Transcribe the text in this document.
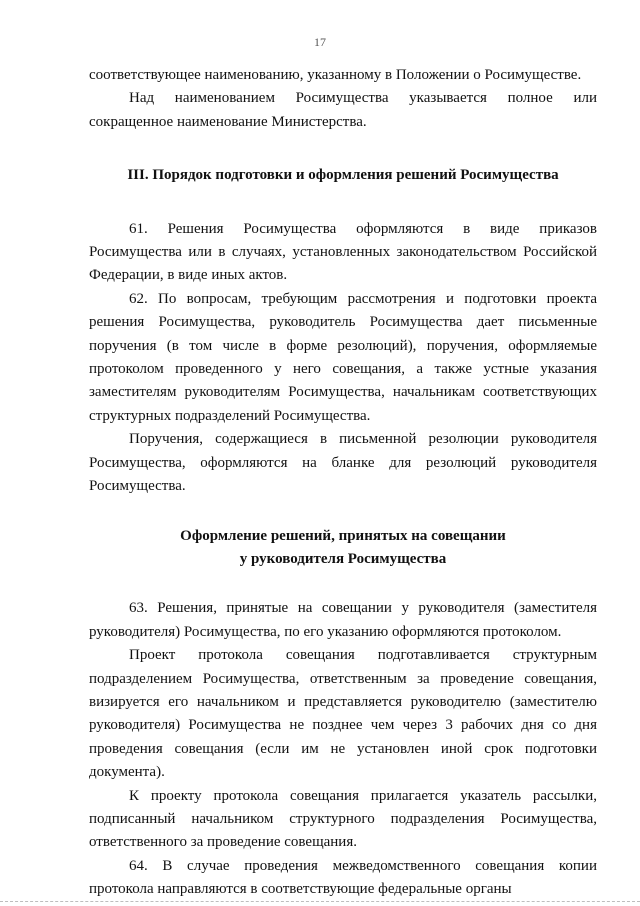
17

соответствующее наименованию, указанному в Положении о Росимуществе.

Над наименованием Росимущества указывается полное или сокращенное наименование Министерства.

III. Порядок подготовки и оформления решений Росимущества

61. Решения Росимущества оформляются в виде приказов Росимущества или в случаях, установленных законодательством Российской Федерации, в виде иных актов.

62. По вопросам, требующим рассмотрения и подготовки проекта решения Росимущества, руководитель Росимущества дает письменные поручения (в том числе в форме резолюций), поручения, оформляемые протоколом проведенного у него совещания, а также устные указания заместителям руководителям Росимущества, начальникам соответствующих структурных подразделений Росимущества.

Поручения, содержащиеся в письменной резолюции руководителя Росимущества, оформляются на бланке для резолюций руководителя Росимущества.

Оформление решений, принятых на совещании

у руководителя Росимущества

63. Решения, принятые на совещании у руководителя (заместителя руководителя) Росимущества, по его указанию оформляются протоколом.

Проект протокола совещания подготавливается структурным подразделением Росимущества, ответственным за проведение совещания, визируется его начальником и представляется руководителю (заместителю руководителя) Росимущества не позднее чем через 3 рабочих дня со дня проведения совещания (если им не установлен иной срок подготовки документа).

К проекту протокола совещания прилагается указатель рассылки, подписанный начальником структурного подразделения Росимущества, ответственного за проведение совещания.

64. В случае проведения межведомственного совещания копии протокола направляются в соответствующие федеральные органы
